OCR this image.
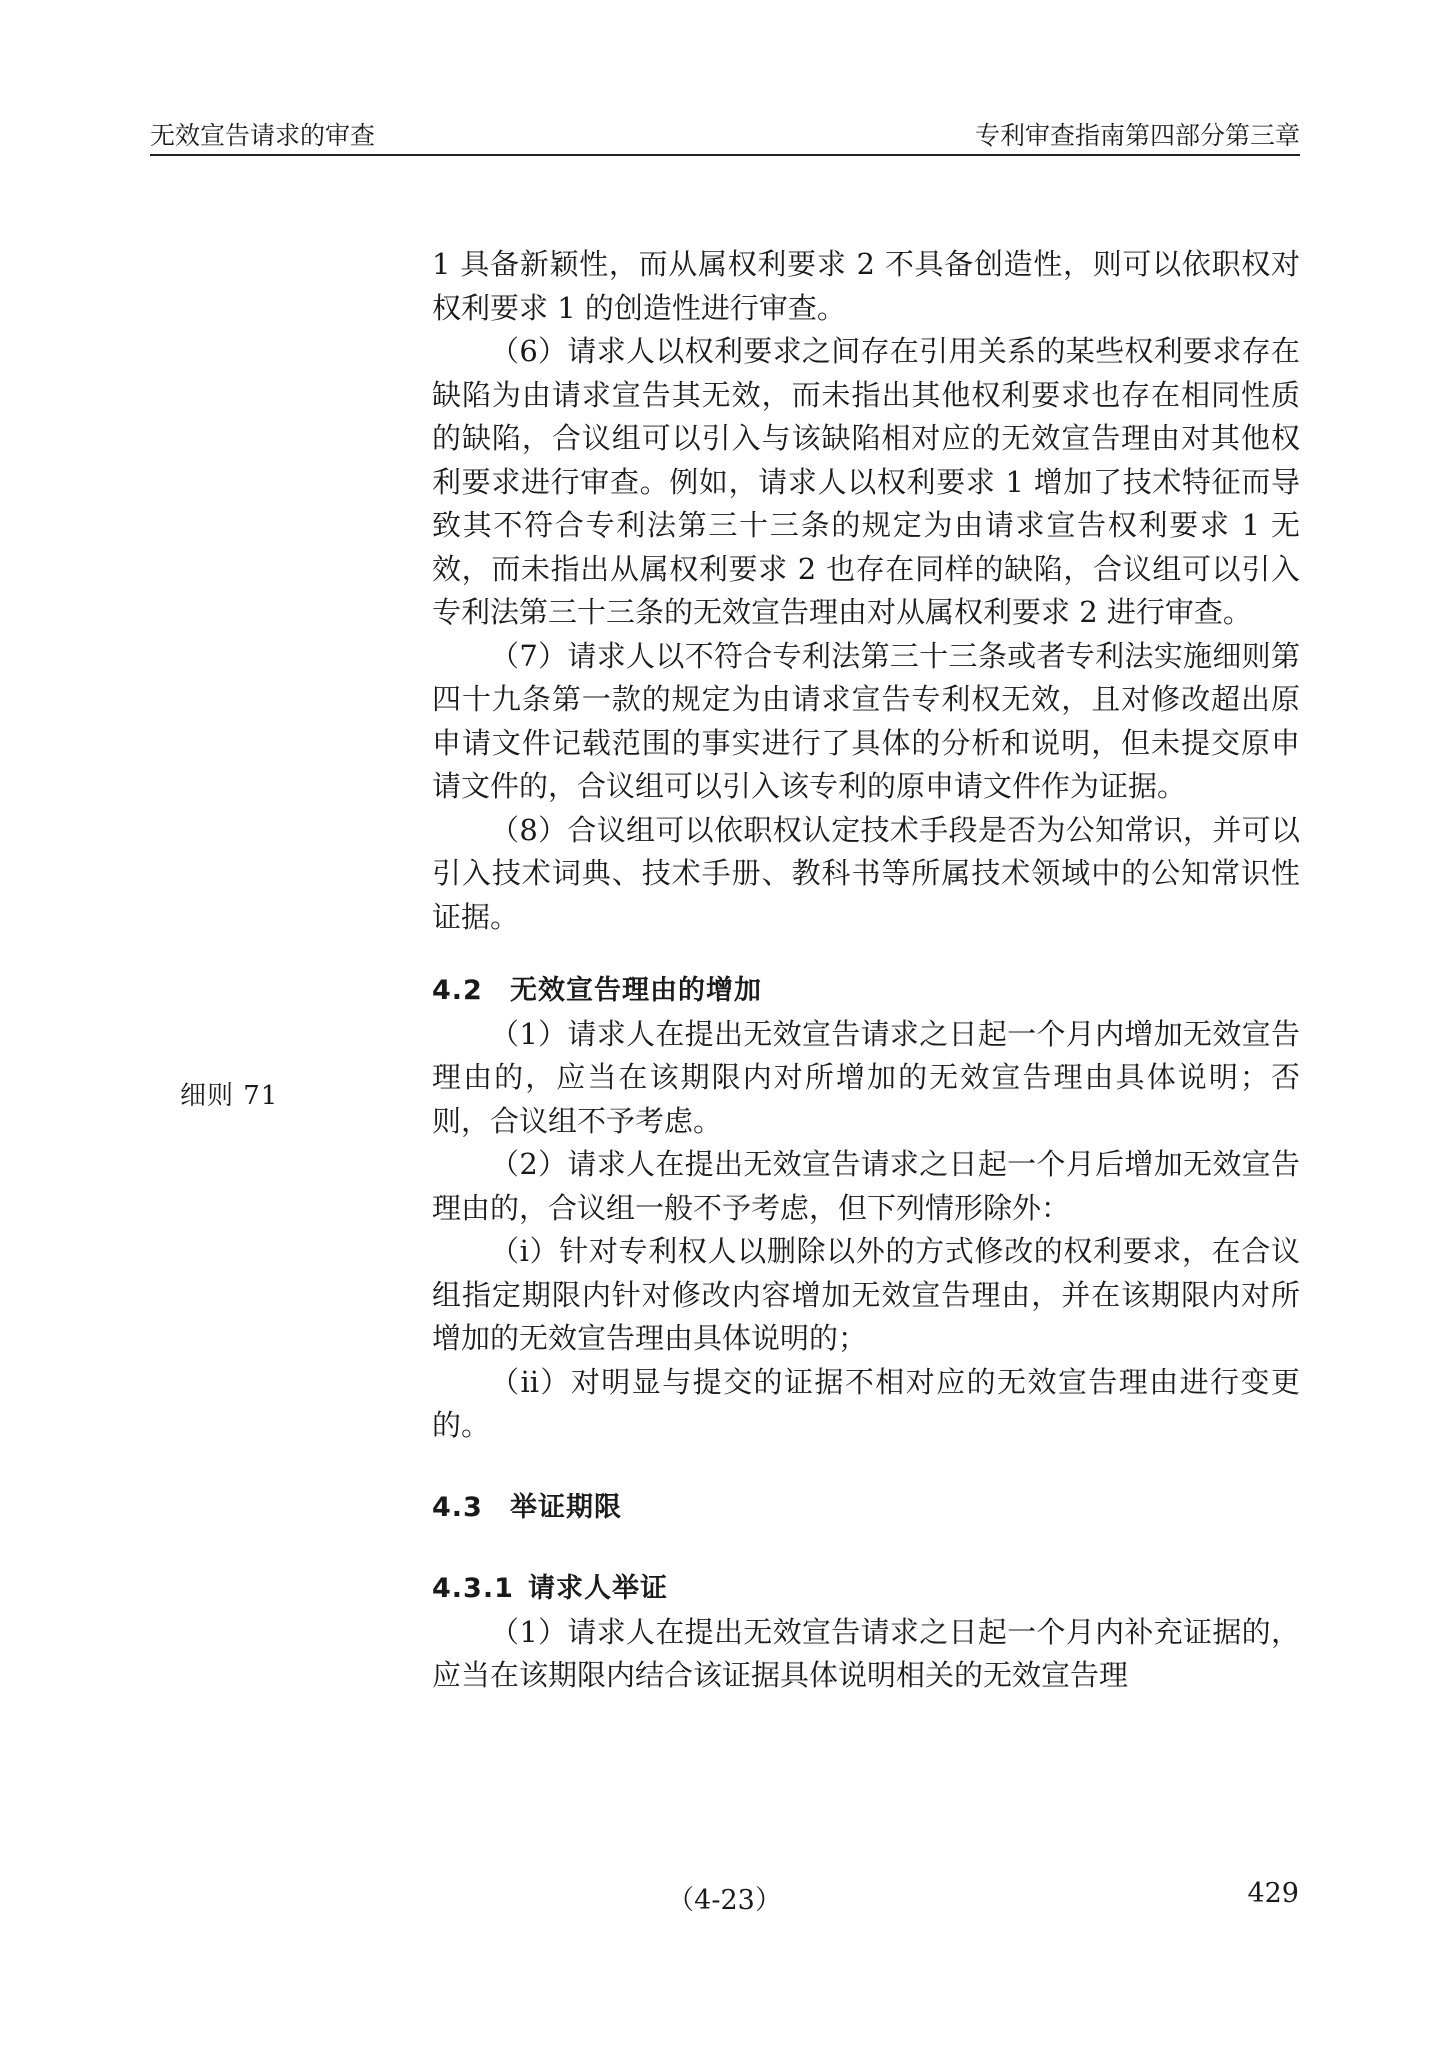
无效宣告请求的审查	专利审查指南第四部分第三章
细则 71

1 具备新颖性，而从属权利要求 2 不具备创造性，则可以依职权对权利要求 1 的创造性进行审查。

（6）请求人以权利要求之间存在引用关系的某些权利要求存在缺陷为由请求宣告其无效，而未指出其他权利要求也存在相同性质的缺陷，合议组可以引入与该缺陷相对应的无效宣告理由对其他权利要求进行审查。例如，请求人以权利要求 1 增加了技术特征而导致其不符合专利法第三十三条的规定为由请求宣告权利要求 1 无效，而未指出从属权利要求 2 也存在同样的缺陷，合议组可以引入专利法第三十三条的无效宣告理由对从属权利要求 2 进行审查。

（7）请求人以不符合专利法第三十三条或者专利法实施细则第四十九条第一款的规定为由请求宣告专利权无效，且对修改超出原申请文件记载范围的事实进行了具体的分析和说明，但未提交原申请文件的，合议组可以引入该专利的原申请文件作为证据。

（8）合议组可以依职权认定技术手段是否为公知常识，并可以引入技术词典、技术手册、教科书等所属技术领域中的公知常识性证据。

4.2 无效宣告理由的增加

（1）请求人在提出无效宣告请求之日起一个月内增加无效宣告理由的，应当在该期限内对所增加的无效宣告理由具体说明；否则，合议组不予考虑。

（2）请求人在提出无效宣告请求之日起一个月后增加无效宣告理由的，合议组一般不予考虑，但下列情形除外：

（i）针对专利权人以删除以外的方式修改的权利要求，在合议组指定期限内针对修改内容增加无效宣告理由，并在该期限内对所增加的无效宣告理由具体说明的；

（ii）对明显与提交的证据不相对应的无效宣告理由进行变更的。

4.3 举证期限
4.3.1 请求人举证

（1）请求人在提出无效宣告请求之日起一个月内补充证据的，应当在该期限内结合该证据具体说明相关的无效宣告理

（4-23）	429
